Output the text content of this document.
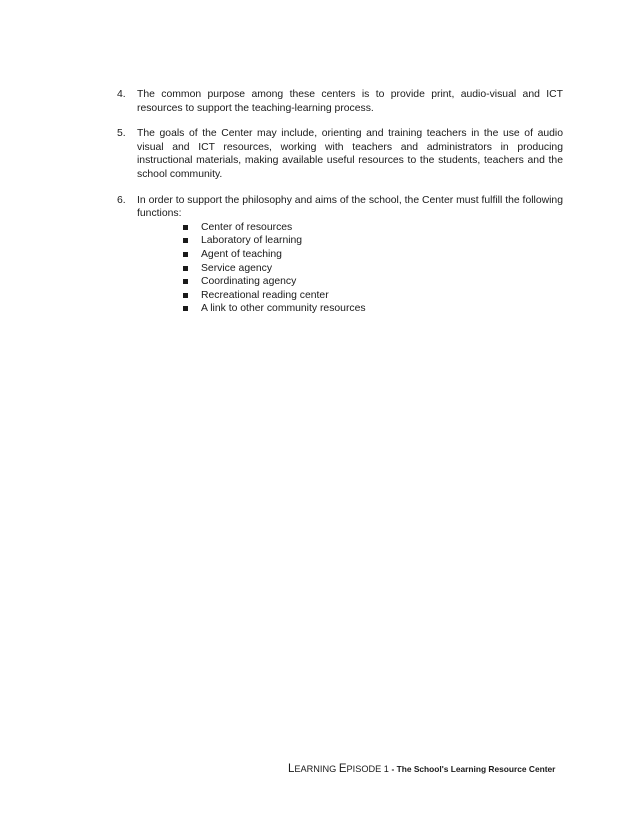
4. The common purpose among these centers is to provide print, audio-visual and ICT resources to support the teaching-learning process.
5. The goals of the Center may include, orienting and training teachers in the use of audio visual and ICT resources, working with teachers and administrators in producing instructional materials, making available useful resources to the students, teachers and the school community.
6. In order to support the philosophy and aims of the school, the Center must fulfill the following functions:
Center of resources
Laboratory of learning
Agent of teaching
Service agency
Coordinating agency
Recreational reading center
A link to other community resources
LEARNING EPISODE 1 - The School's Learning Resource Center
